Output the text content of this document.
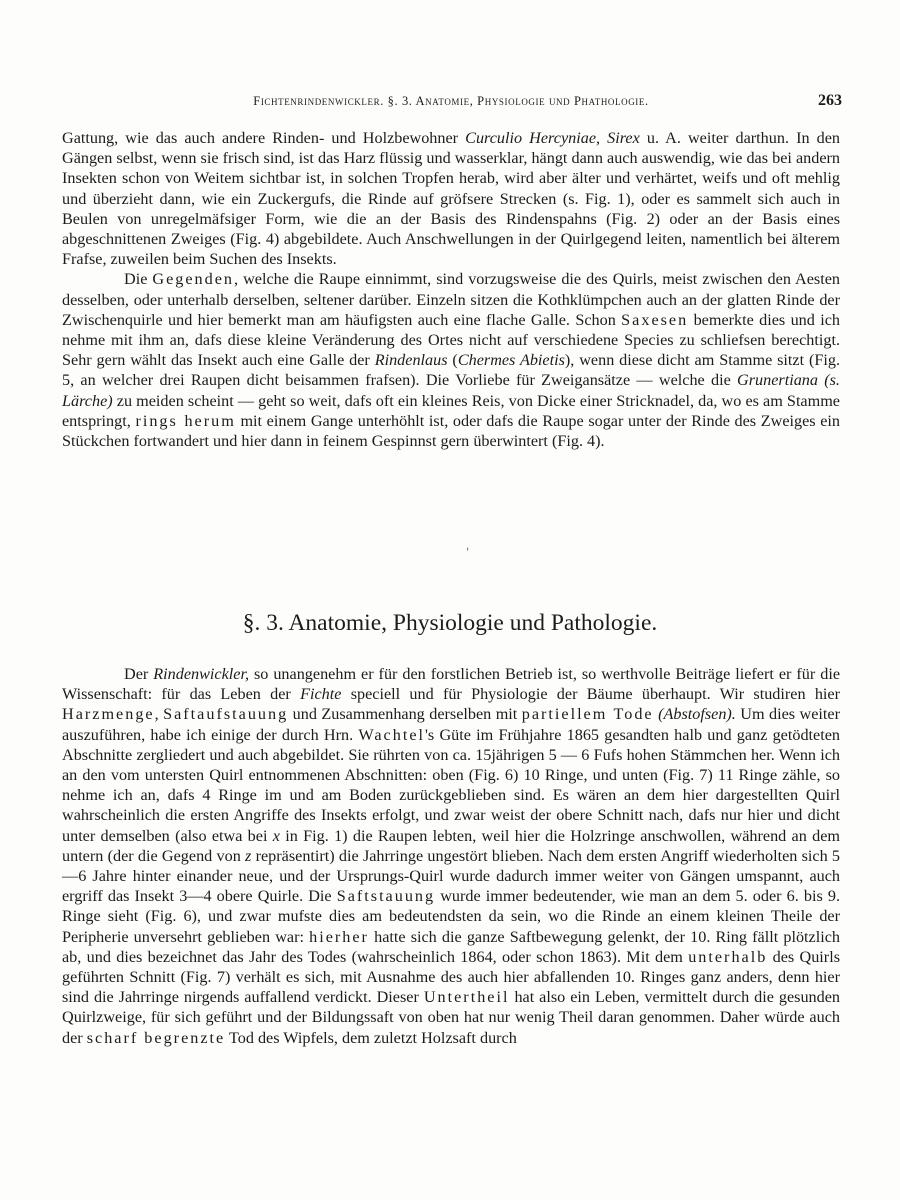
Fichtenrindenwickler. §. 3. Anatomie, Physiologie und Phathologie.	263

Gattung, wie das auch andere Rinden- und Holzbewohner Curculio Hercyniae, Sirex u. A. weiter darthun. In den Gängen selbst, wenn sie frisch sind, ist das Harz flüssig und wasserklar, hängt dann auch auswendig, wie das bei andern Insekten schon von Weitem sichtbar ist, in solchen Tropfen herab, wird aber älter und verhärtet, weifs und oft mehlig und überzieht dann, wie ein Zuckergufs, die Rinde auf gröfsere Strecken (s. Fig. 1), oder es sammelt sich auch in Beulen von unregelmäfsiger Form, wie die an der Basis des Rindenspahns (Fig. 2) oder an der Basis eines abgeschnittenen Zweiges (Fig. 4) abgebildete. Auch Anschwellungen in der Quirlgegend leiten, namentlich bei älterem Frafse, zuweilen beim Suchen des Insekts.

Die Gegenden, welche die Raupe einnimmt, sind vorzugsweise die des Quirls, meist zwischen den Aesten desselben, oder unterhalb derselben, seltener darüber. Einzeln sitzen die Kothklümpchen auch an der glatten Rinde der Zwischenquirle und hier bemerkt man am häufigsten auch eine flache Galle. Schon Saxesen bemerkte dies und ich nehme mit ihm an, dafs diese kleine Veränderung des Ortes nicht auf verschiedene Species zu schliefsen berechtigt. Sehr gern wählt das Insekt auch eine Galle der Rindenlaus (Chermes Abietis), wenn diese dicht am Stamme sitzt (Fig. 5, an welcher drei Raupen dicht beisammen frafsen). Die Vorliebe für Zweigansätze — welche die Grunertiana (s. Lärche) zu meiden scheint — geht so weit, dafs oft ein kleines Reis, von Dicke einer Stricknadel, da, wo es am Stamme entspringt, rings herum mit einem Gange unterhöhlt ist, oder dafs die Raupe sogar unter der Rinde des Zweiges ein Stückchen fortwandert und hier dann in feinem Gespinnst gern überwintert (Fig. 4).

ˈ
§. 3. Anatomie, Physiologie und Pathologie.

Der Rindenwickler, so unangenehm er für den forstlichen Betrieb ist, so werthvolle Beiträge liefert er für die Wissenschaft: für das Leben der Fichte speciell und für Physiologie der Bäume überhaupt. Wir studiren hier Harzmenge, Saftaufstauung und Zusammenhang derselben mit partiellem Tode (Abstofsen). Um dies weiter auszuführen, habe ich einige der durch Hrn. Wachtel's Güte im Frühjahre 1865 gesandten halb und ganz getödteten Abschnitte zergliedert und auch abgebildet. Sie rührten von ca. 15jährigen 5 — 6 Fufs hohen Stämmchen her. Wenn ich an den vom untersten Quirl entnommenen Abschnitten: oben (Fig. 6) 10 Ringe, und unten (Fig. 7) 11 Ringe zähle, so nehme ich an, dafs 4 Ringe im und am Boden zurückgeblieben sind. Es wären an dem hier dargestellten Quirl wahrscheinlich die ersten Angriffe des Insekts erfolgt, und zwar weist der obere Schnitt nach, dafs nur hier und dicht unter demselben (also etwa bei x in Fig. 1) die Raupen lebten, weil hier die Holzringe anschwollen, während an dem untern (der die Gegend von z repräsentirt) die Jahrringe ungestört blieben. Nach dem ersten Angriff wiederholten sich 5—6 Jahre hinter einander neue, und der Ursprungs-Quirl wurde dadurch immer weiter von Gängen umspannt, auch ergriff das Insekt 3—4 obere Quirle. Die Saftstauung wurde immer bedeutender, wie man an dem 5. oder 6. bis 9. Ringe sieht (Fig. 6), und zwar mufste dies am bedeutendsten da sein, wo die Rinde an einem kleinen Theile der Peripherie unversehrt geblieben war: hierher hatte sich die ganze Saftbewegung gelenkt, der 10. Ring fällt plötzlich ab, und dies bezeichnet das Jahr des Todes (wahrscheinlich 1864, oder schon 1863). Mit dem unterhalb des Quirls geführten Schnitt (Fig. 7) verhält es sich, mit Ausnahme des auch hier abfallenden 10. Ringes ganz anders, denn hier sind die Jahrringe nirgends auffallend verdickt. Dieser Untertheil hat also ein Leben, vermittelt durch die gesunden Quirlzweige, für sich geführt und der Bildungssaft von oben hat nur wenig Theil daran genommen. Daher würde auch der scharf begrenzte Tod des Wipfels, dem zuletzt Holzsaft durch
